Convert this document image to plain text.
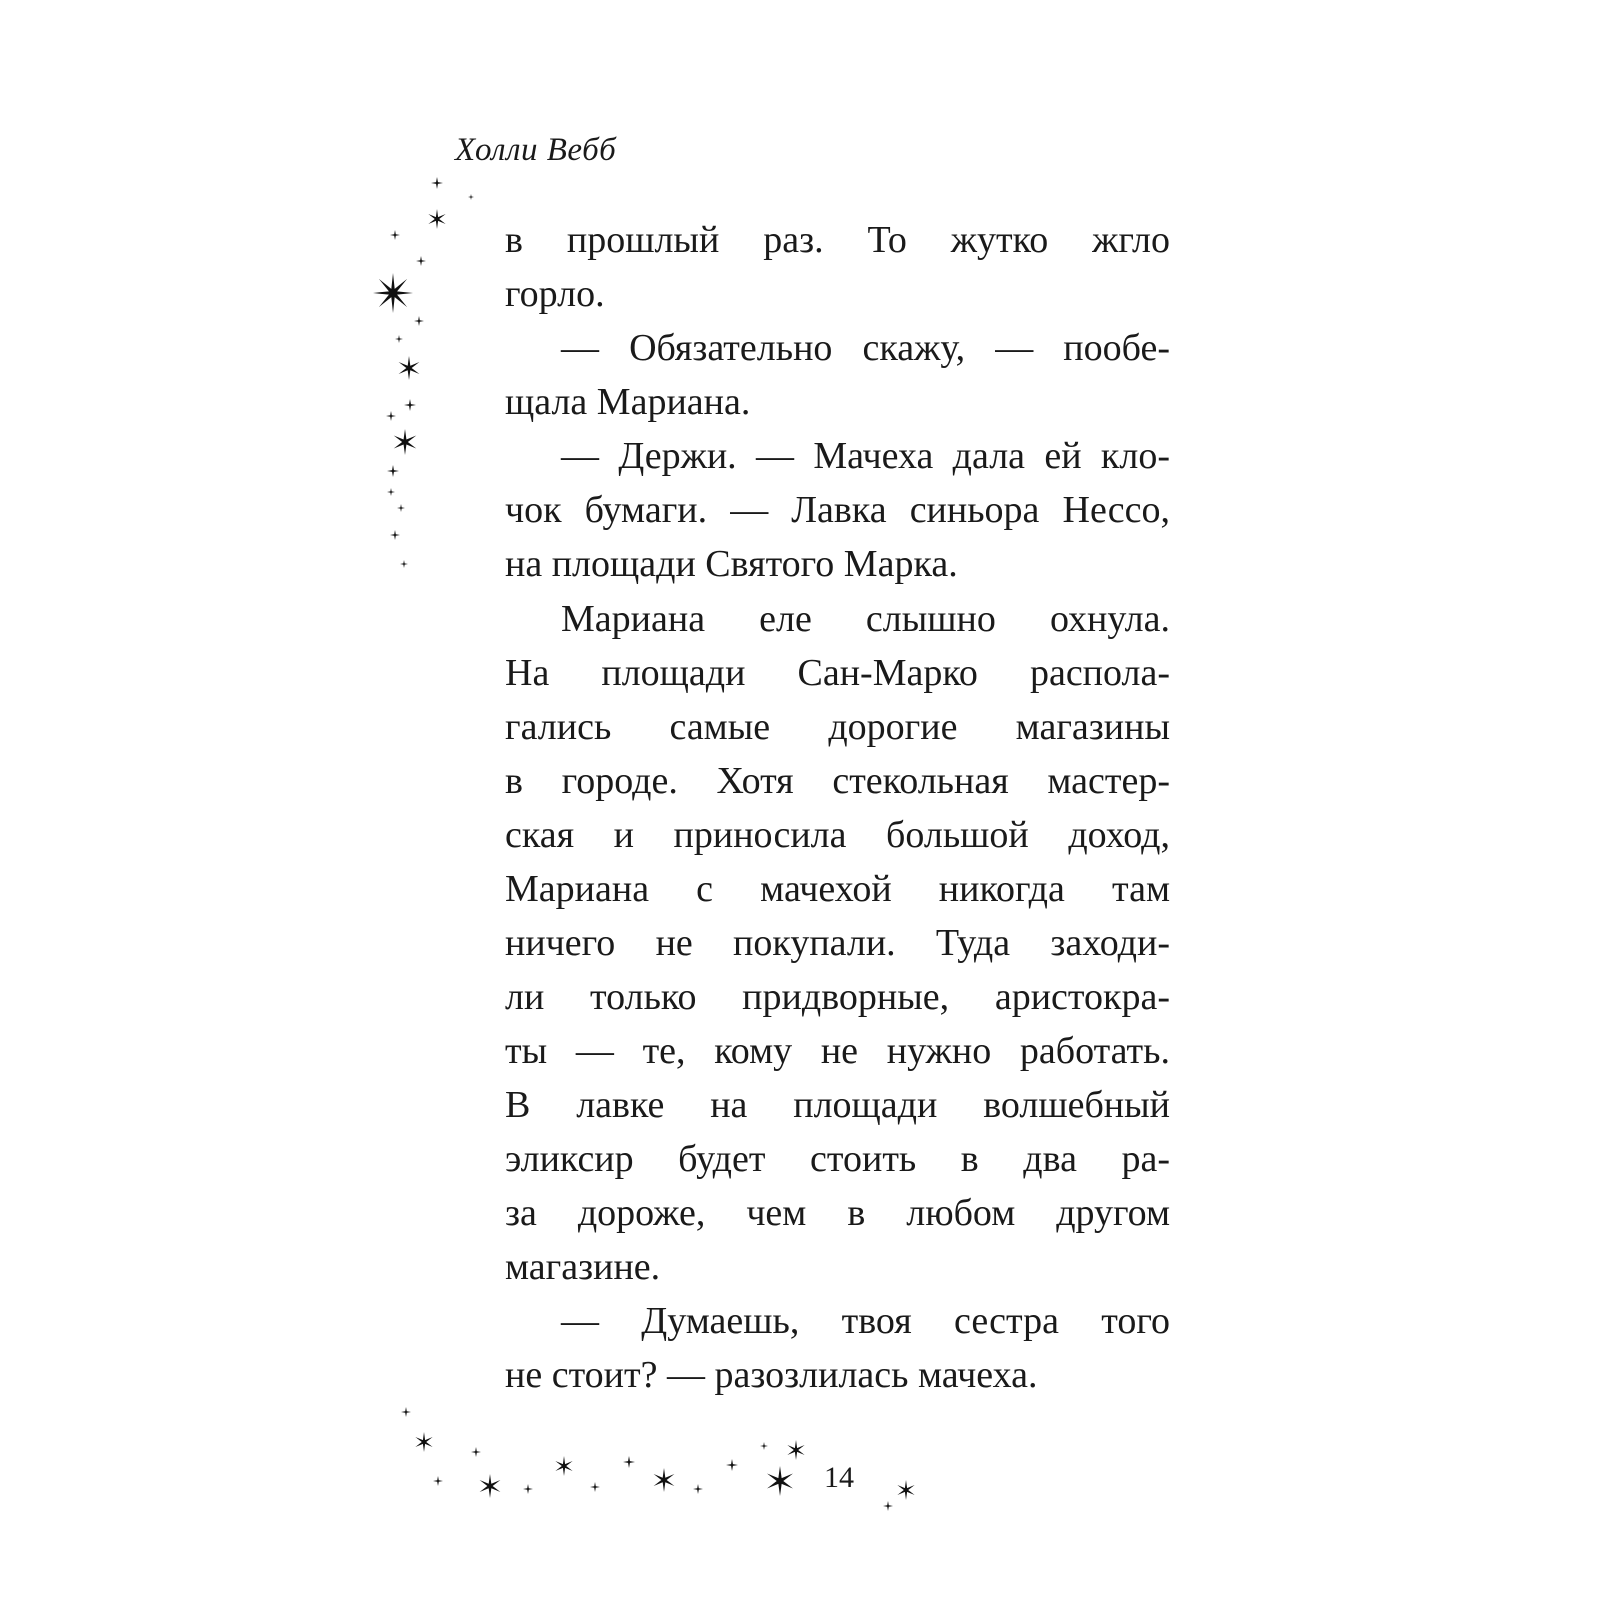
Холли Вебб
в прошлый раз. То жутко жгло
горло.
— Обязательно скажу, — пообе-
щала Мариана.
— Держи. — Мачеха дала ей кло-
чок бумаги. — Лавка синьора Нессо,
на площади Святого Марка.
Мариана еле слышно охнула.
На площади Сан-Марко распола-
гались самые дорогие магазины
в городе. Хотя стекольная мастер-
ская и приносила большой доход,
Мариана с мачехой никогда там
ничего не покупали. Туда заходи-
ли только придворные, аристокра-
ты — те, кому не нужно работать.
В лавке на площади волшебный
эликсир будет стоить в два ра-
за дороже, чем в любом другом
магазине.
— Думаешь, твоя сестра того
не стоит? — разозлилась мачеха.
14
